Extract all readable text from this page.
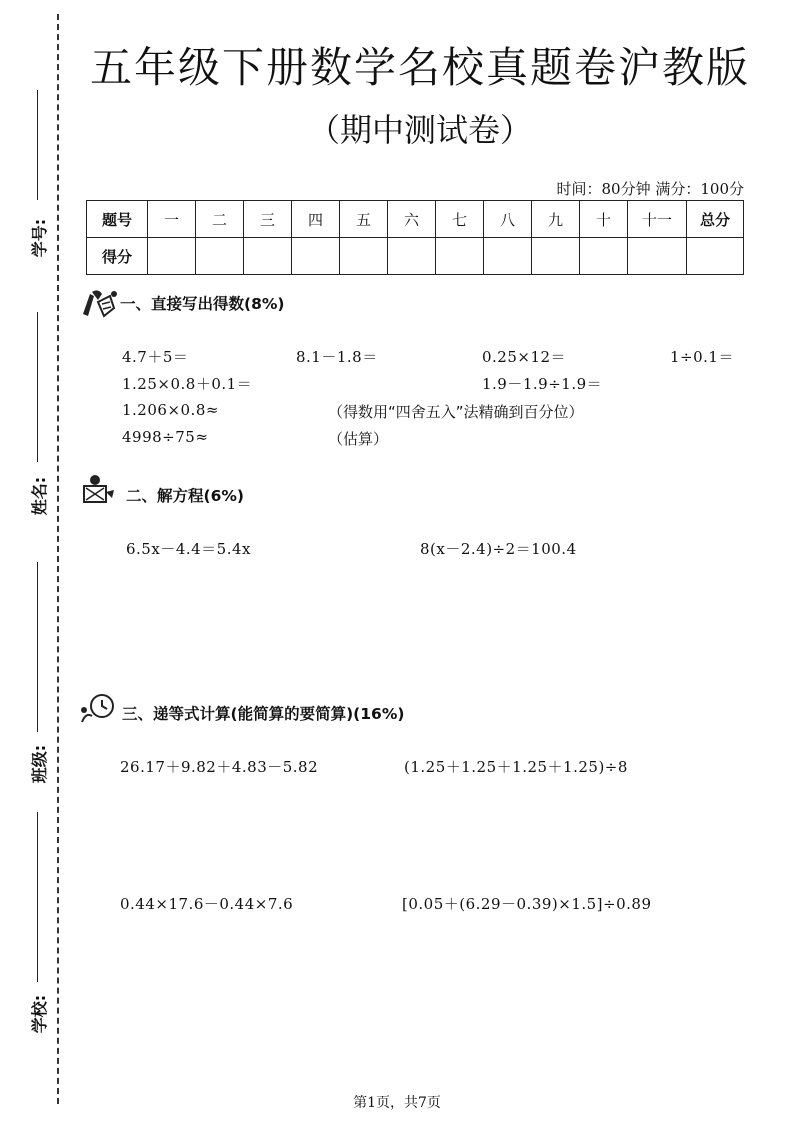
学号:
姓名:
班级:
学校:
五年级下册数学名校真题卷沪教版
（期中测试卷）
时间：80分钟 满分：100分
题号	一	二	三	四	五	六	七	八	九	十	十一	总分
得分												
一、直接写出得数(8%)
4.7＋5＝	8.1－1.8＝	0.25×12＝	1÷0.1＝
1.25×0.8＋0.1＝	1.9－1.9÷1.9＝
1.206×0.8≈	（得数用“四舍五入”法精确到百分位）
4998÷75≈	（估算）
二、解方程(6%)
6.5x－4.4＝5.4x	8(x－2.4)÷2＝100.4
三、递等式计算(能简算的要简算)(16%)
26.17＋9.82＋4.83－5.82	(1.25＋1.25＋1.25＋1.25)÷8
0.44×17.6－0.44×7.6	[0.05＋(6.29－0.39)×1.5]÷0.89
第1页，共7页
